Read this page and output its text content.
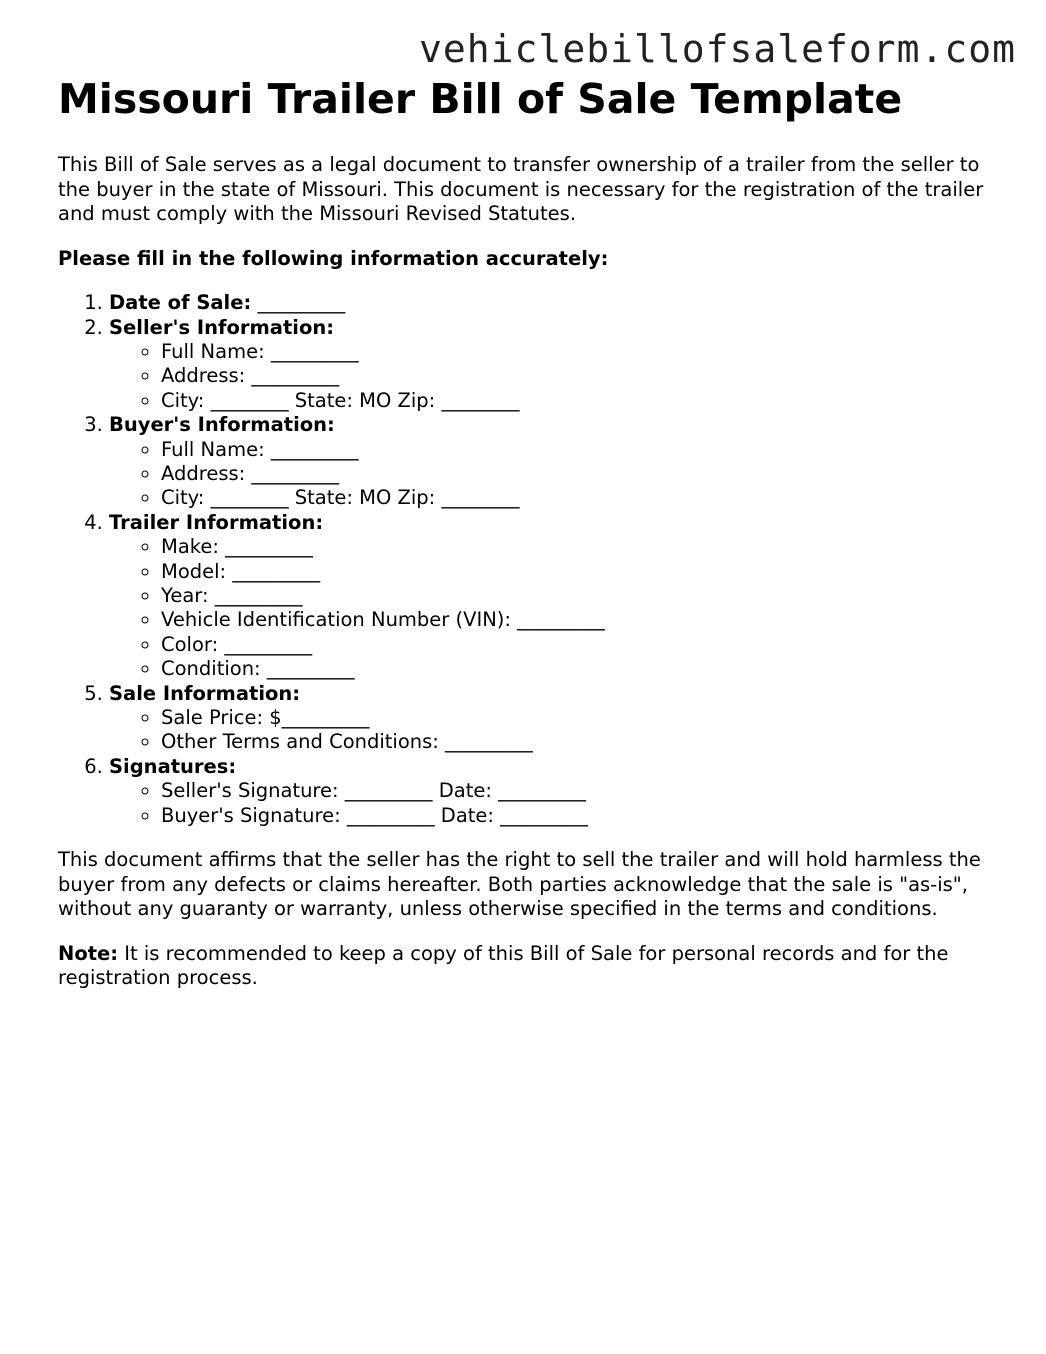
vehiclebillofsaleform.com
Missouri Trailer Bill of Sale Template

This Bill of Sale serves as a legal document to transfer ownership of a trailer from the seller to the buyer in the state of Missouri. This document is necessary for the registration of the trailer and must comply with the Missouri Revised Statutes.

Please fill in the following information accurately:

1. Date of Sale: _________
2. Seller's Information:
◦ Full Name: _________
◦ Address: _________
◦ City: ________ State: MO Zip: ________
3. Buyer's Information:
◦ Full Name: _________
◦ Address: _________
◦ City: ________ State: MO Zip: ________
4. Trailer Information:
◦ Make: _________
◦ Model: _________
◦ Year: _________
◦ Vehicle Identification Number (VIN): _________
◦ Color: _________
◦ Condition: _________
5. Sale Information:
◦ Sale Price: $_________
◦ Other Terms and Conditions: _________
6. Signatures:
◦ Seller's Signature: _________ Date: _________
◦ Buyer's Signature: _________ Date: _________

This document affirms that the seller has the right to sell the trailer and will hold harmless the buyer from any defects or claims hereafter. Both parties acknowledge that the sale is "as-is", without any guaranty or warranty, unless otherwise specified in the terms and conditions.

Note: It is recommended to keep a copy of this Bill of Sale for personal records and for the registration process.
